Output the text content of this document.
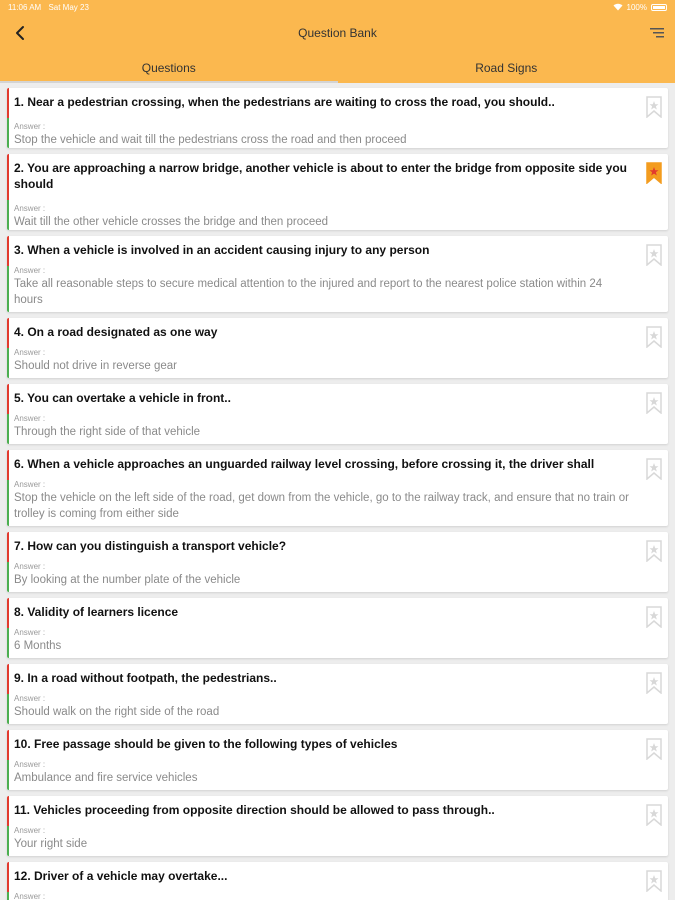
11:06 AM Sat May 23	100%
Question Bank
Questions	Road Signs
1. Near a pedestrian crossing, when the pedestrians are waiting to cross the road, you should..
Answer :
Stop the vehicle and wait till the pedestrians cross the road and then proceed
2. You are approaching a narrow bridge, another vehicle is about to enter the bridge from opposite side you should
Answer :
Wait till the other vehicle crosses the bridge and then proceed
3. When a vehicle is involved in an accident causing injury to any person
Answer :
Take all reasonable steps to secure medical attention to the injured and report to the nearest police station within 24 hours
4. On a road designated as one way
Answer :
Should not drive in reverse gear
5. You can overtake a vehicle in front..
Answer :
Through the right side of that vehicle
6. When a vehicle approaches an unguarded railway level crossing, before crossing it, the driver shall
Answer :
Stop the vehicle on the left side of the road, get down from the vehicle, go to the railway track, and ensure that no train or trolley is coming from either side
7. How can you distinguish a transport vehicle?
Answer :
By looking at the number plate of the vehicle
8. Validity of learners licence
Answer :
6 Months
9. In a road without footpath, the pedestrians..
Answer :
Should walk on the right side of the road
10. Free passage should be given to the following types of vehicles
Answer :
Ambulance and fire service vehicles
11. Vehicles proceeding from opposite direction should be allowed to pass through..
Answer :
Your right side
12. Driver of a vehicle may overtake...
Answer :
